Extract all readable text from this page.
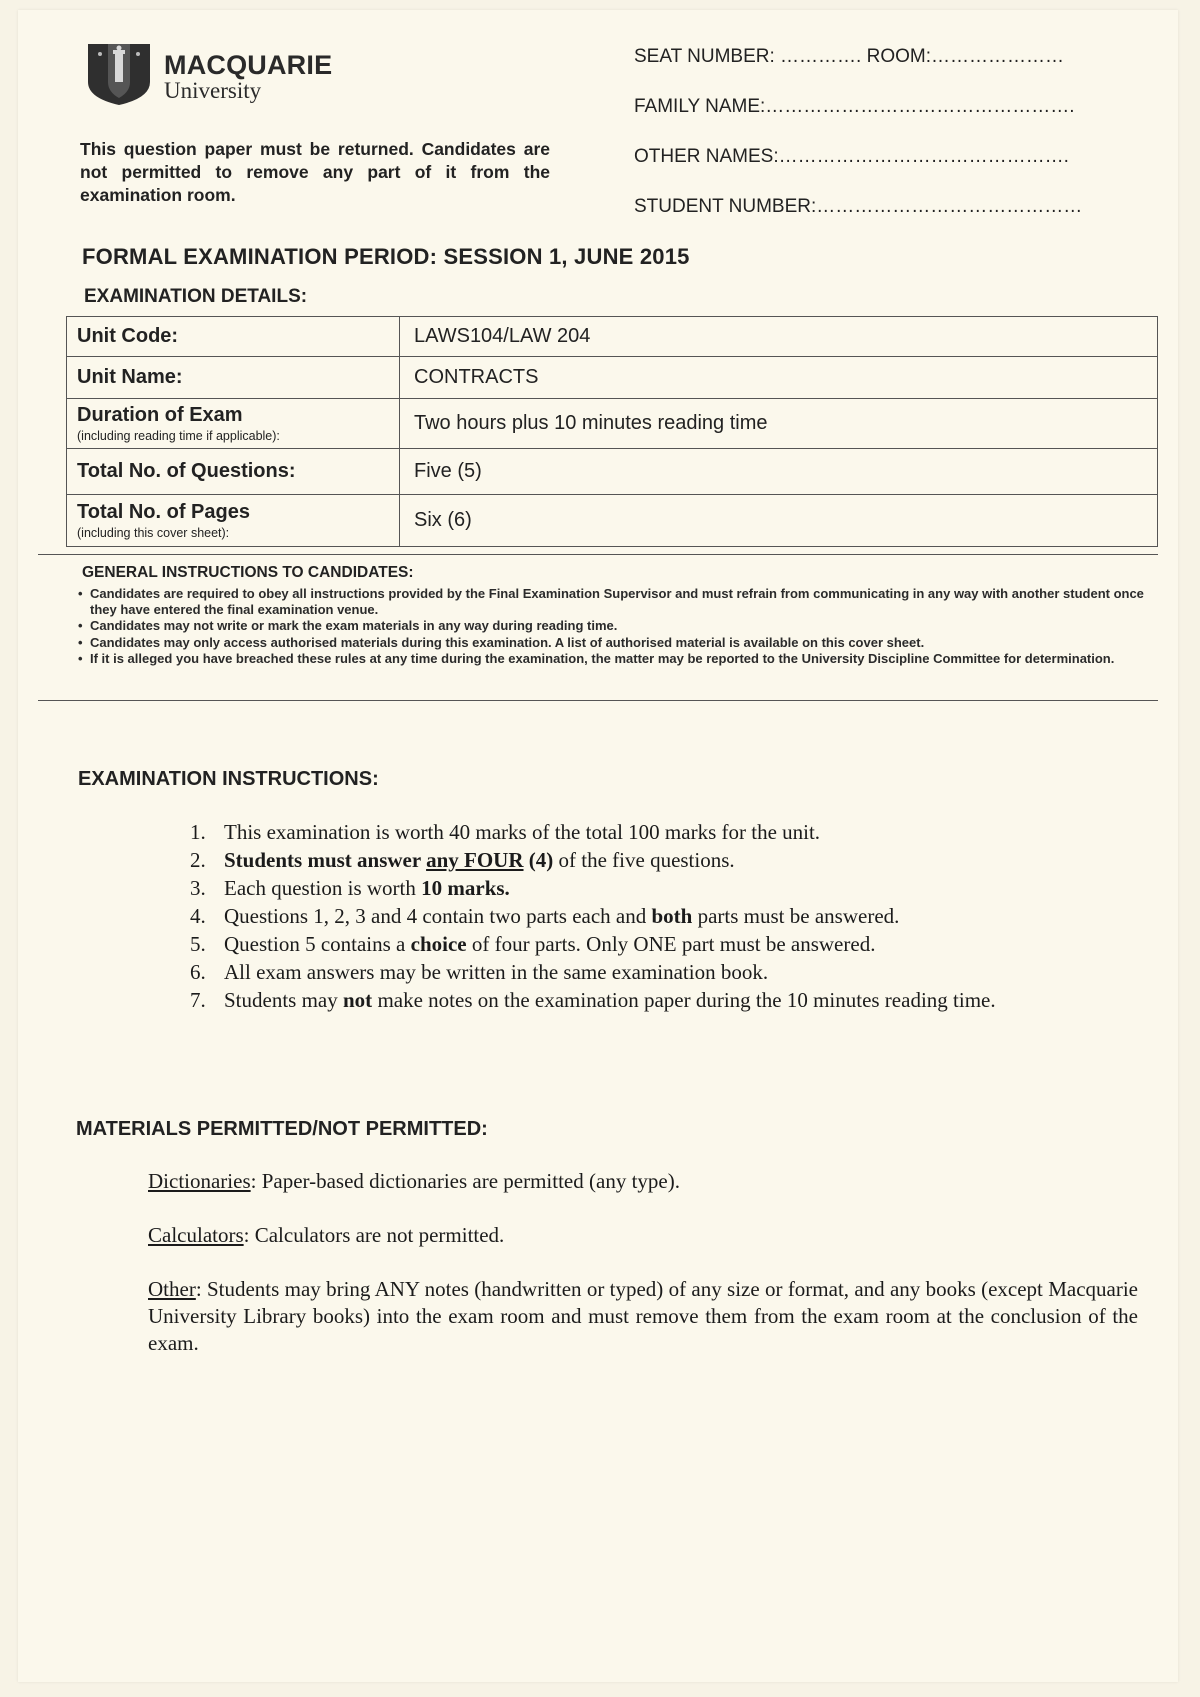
MACQUARIE
University
This question paper must be returned. Candidates are not permitted to remove any part of it from the examination room.
SEAT NUMBER: …………. ROOM:…………………
FAMILY NAME:………………………………………….
OTHER NAMES:……………………………………….
STUDENT NUMBER:……………………………………
FORMAL EXAMINATION PERIOD: SESSION 1, JUNE 2015
EXAMINATION DETAILS:
Unit Code:	LAWS104/LAW 204
Unit Name:	CONTRACTS
Duration of Exam
(including reading time if applicable):	Two hours plus 10 minutes reading time
Total No. of Questions:	Five (5)
Total No. of Pages
(including this cover sheet):	Six (6)
GENERAL INSTRUCTIONS TO CANDIDATES:
• Candidates are required to obey all instructions provided by the Final Examination Supervisor and must refrain from communicating in any way with another student once they have entered the final examination venue.
• Candidates may not write or mark the exam materials in any way during reading time.
• Candidates may only access authorised materials during this examination. A list of authorised material is available on this cover sheet.
• If it is alleged you have breached these rules at any time during the examination, the matter may be reported to the University Discipline Committee for determination.
EXAMINATION INSTRUCTIONS:
1. This examination is worth 40 marks of the total 100 marks for the unit.
2. Students must answer any FOUR (4) of the five questions.
3. Each question is worth 10 marks.
4. Questions 1, 2, 3 and 4 contain two parts each and both parts must be answered.
5. Question 5 contains a choice of four parts. Only ONE part must be answered.
6. All exam answers may be written in the same examination book.
7. Students may not make notes on the examination paper during the 10 minutes reading time.
MATERIALS PERMITTED/NOT PERMITTED:
Dictionaries: Paper-based dictionaries are permitted (any type).
Calculators: Calculators are not permitted.
Other: Students may bring ANY notes (handwritten or typed) of any size or format, and any books (except Macquarie University Library books) into the exam room and must remove them from the exam room at the conclusion of the exam.
